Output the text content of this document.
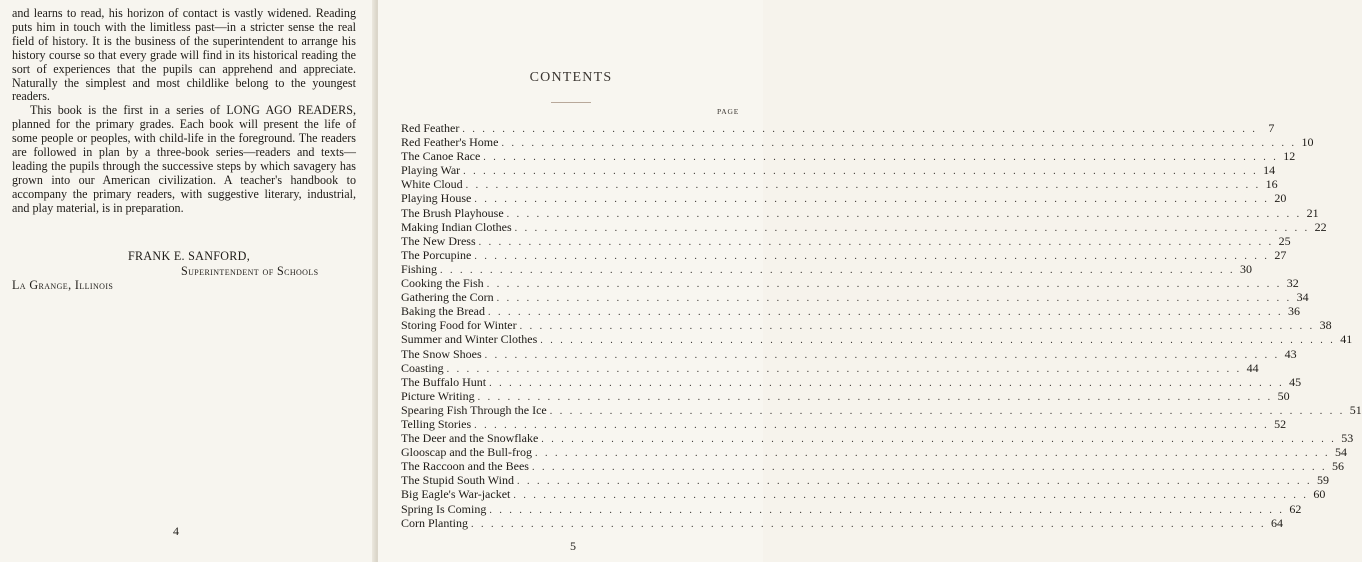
and learns to read, his horizon of contact is vastly widened. Reading puts him in touch with the limitless past—in a stricter sense the real field of history. It is the business of the superintendent to arrange his history course so that every grade will find in its historical reading the sort of experiences that the pupils can apprehend and appreciate. Naturally the simplest and most childlike belong to the youngest readers.

This book is the first in a series of LONG AGO READERS, planned for the primary grades. Each book will present the life of some people or peoples, with child-life in the foreground. The readers are followed in plan by a three-book series—readers and texts—leading the pupils through the successive steps by which savagery has grown into our American civilization. A teacher's handbook to accompany the primary readers, with suggestive literary, industrial, and play material, is in preparation.

FRANK E. SANFORD,
Superintendent of Schools
La Grange, Illinois
4
CONTENTS
PAGE
Red Feather . . . . . . . . . . . . . . . . . . . . . . . . . . . . . . . . . . . . . . . . . . . . . . . . . . . . . . . . . . . . . . . . . . . . . . . . . . . . . . . . 7
Red Feather's Home . . . . . . . . . . . . . . . . . . . . . . . . . . . . . . . . . . . . . . . . . . . . . . . . . . . . . . . . . . . . . . . . . . . . . . . . . . . . . . . . 10
The Canoe Race . . . . . . . . . . . . . . . . . . . . . . . . . . . . . . . . . . . . . . . . . . . . . . . . . . . . . . . . . . . . . . . . . . . . . . . . . . . . . . . . 12
Playing War . . . . . . . . . . . . . . . . . . . . . . . . . . . . . . . . . . . . . . . . . . . . . . . . . . . . . . . . . . . . . . . . . . . . . . . . . . . . . . . . 14
White Cloud . . . . . . . . . . . . . . . . . . . . . . . . . . . . . . . . . . . . . . . . . . . . . . . . . . . . . . . . . . . . . . . . . . . . . . . . . . . . . . . . 16
Playing House . . . . . . . . . . . . . . . . . . . . . . . . . . . . . . . . . . . . . . . . . . . . . . . . . . . . . . . . . . . . . . . . . . . . . . . . . . . . . . . . 20
The Brush Playhouse . . . . . . . . . . . . . . . . . . . . . . . . . . . . . . . . . . . . . . . . . . . . . . . . . . . . . . . . . . . . . . . . . . . . . . . . . . . . . . . . 21
Making Indian Clothes . . . . . . . . . . . . . . . . . . . . . . . . . . . . . . . . . . . . . . . . . . . . . . . . . . . . . . . . . . . . . . . . . . . . . . . . . . . . . . . . 22
The New Dress . . . . . . . . . . . . . . . . . . . . . . . . . . . . . . . . . . . . . . . . . . . . . . . . . . . . . . . . . . . . . . . . . . . . . . . . . . . . . . . . 25
The Porcupine . . . . . . . . . . . . . . . . . . . . . . . . . . . . . . . . . . . . . . . . . . . . . . . . . . . . . . . . . . . . . . . . . . . . . . . . . . . . . . . . 27
Fishing . . . . . . . . . . . . . . . . . . . . . . . . . . . . . . . . . . . . . . . . . . . . . . . . . . . . . . . . . . . . . . . . . . . . . . . . . . . . . . . . 30
Cooking the Fish . . . . . . . . . . . . . . . . . . . . . . . . . . . . . . . . . . . . . . . . . . . . . . . . . . . . . . . . . . . . . . . . . . . . . . . . . . . . . . . . 32
Gathering the Corn . . . . . . . . . . . . . . . . . . . . . . . . . . . . . . . . . . . . . . . . . . . . . . . . . . . . . . . . . . . . . . . . . . . . . . . . . . . . . . . . 34
Baking the Bread . . . . . . . . . . . . . . . . . . . . . . . . . . . . . . . . . . . . . . . . . . . . . . . . . . . . . . . . . . . . . . . . . . . . . . . . . . . . . . . . 36
Storing Food for Winter . . . . . . . . . . . . . . . . . . . . . . . . . . . . . . . . . . . . . . . . . . . . . . . . . . . . . . . . . . . . . . . . . . . . . . . . . . . . . . . . 38
Summer and Winter Clothes . . . . . . . . . . . . . . . . . . . . . . . . . . . . . . . . . . . . . . . . . . . . . . . . . . . . . . . . . . . . . . . . . . . . . . . . . . . . . . . . 41
The Snow Shoes . . . . . . . . . . . . . . . . . . . . . . . . . . . . . . . . . . . . . . . . . . . . . . . . . . . . . . . . . . . . . . . . . . . . . . . . . . . . . . . . 43
Coasting . . . . . . . . . . . . . . . . . . . . . . . . . . . . . . . . . . . . . . . . . . . . . . . . . . . . . . . . . . . . . . . . . . . . . . . . . . . . . . . . 44
The Buffalo Hunt . . . . . . . . . . . . . . . . . . . . . . . . . . . . . . . . . . . . . . . . . . . . . . . . . . . . . . . . . . . . . . . . . . . . . . . . . . . . . . . . 45
Picture Writing . . . . . . . . . . . . . . . . . . . . . . . . . . . . . . . . . . . . . . . . . . . . . . . . . . . . . . . . . . . . . . . . . . . . . . . . . . . . . . . . 50
Spearing Fish Through the Ice . . . . . . . . . . . . . . . . . . . . . . . . . . . . . . . . . . . . . . . . . . . . . . . . . . . . . . . . . . . . . . . . . . . . . . . . . . . . . . . . 51
Telling Stories . . . . . . . . . . . . . . . . . . . . . . . . . . . . . . . . . . . . . . . . . . . . . . . . . . . . . . . . . . . . . . . . . . . . . . . . . . . . . . . . 52
The Deer and the Snowflake . . . . . . . . . . . . . . . . . . . . . . . . . . . . . . . . . . . . . . . . . . . . . . . . . . . . . . . . . . . . . . . . . . . . . . . . . . . . . . . . 53
Glooscap and the Bull-frog . . . . . . . . . . . . . . . . . . . . . . . . . . . . . . . . . . . . . . . . . . . . . . . . . . . . . . . . . . . . . . . . . . . . . . . . . . . . . . . . 54
The Raccoon and the Bees . . . . . . . . . . . . . . . . . . . . . . . . . . . . . . . . . . . . . . . . . . . . . . . . . . . . . . . . . . . . . . . . . . . . . . . . . . . . . . . . 56
The Stupid South Wind . . . . . . . . . . . . . . . . . . . . . . . . . . . . . . . . . . . . . . . . . . . . . . . . . . . . . . . . . . . . . . . . . . . . . . . . . . . . . . . . 59
Big Eagle's War-jacket . . . . . . . . . . . . . . . . . . . . . . . . . . . . . . . . . . . . . . . . . . . . . . . . . . . . . . . . . . . . . . . . . . . . . . . . . . . . . . . . 60
Spring Is Coming . . . . . . . . . . . . . . . . . . . . . . . . . . . . . . . . . . . . . . . . . . . . . . . . . . . . . . . . . . . . . . . . . . . . . . . . . . . . . . . . 62
Corn Planting . . . . . . . . . . . . . . . . . . . . . . . . . . . . . . . . . . . . . . . . . . . . . . . . . . . . . . . . . . . . . . . . . . . . . . . . . . . . . . . . 64
5
